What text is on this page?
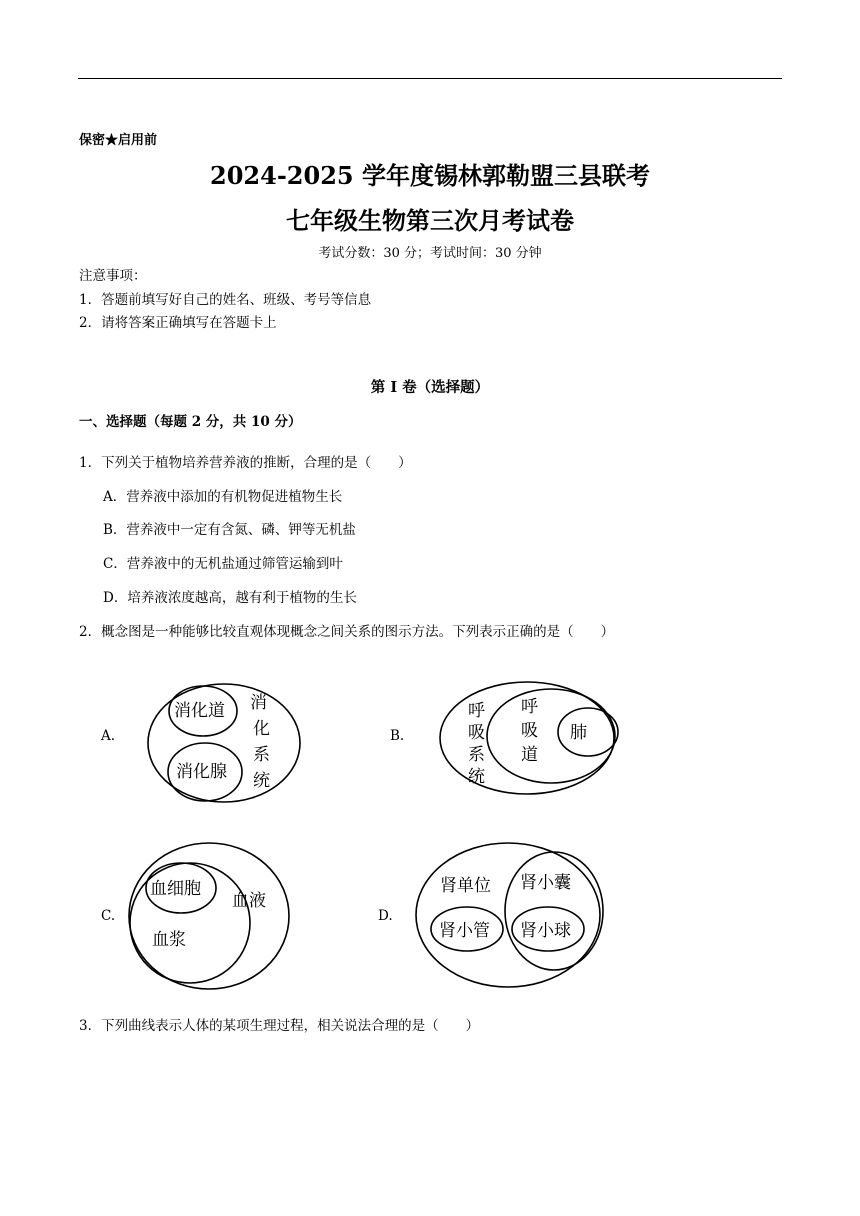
保密★启用前
2024-2025 学年度锡林郭勒盟三县联考
七年级生物第三次月考试卷
考试分数：30 分；考试时间：30 分钟
注意事项：
1．答题前填写好自己的姓名、班级、考号等信息
2．请将答案正确填写在答题卡上
第 I 卷（选择题）
一、选择题（每题 2 分，共 10 分）
1．下列关于植物培养营养液的推断，合理的是（　　）
A．营养液中添加的有机物促进植物生长
B．营养液中一定有含氮、磷、钾等无机盐
C．营养液中的无机盐通过筛管运输到叶
D．培养液浓度越高，越有利于植物的生长
2．概念图是一种能够比较直观体现概念之间关系的图示方法。下列表示正确的是（　　）
A.
消化道
消化腺
消
化
系
统
B.
呼
吸
系
统
呼
吸
道
肺
C.
血细胞
血浆
血液
D.
肾单位 肾小囊
肾小管 肾小球
3．下列曲线表示人体的某项生理过程，相关说法合理的是（　　）
